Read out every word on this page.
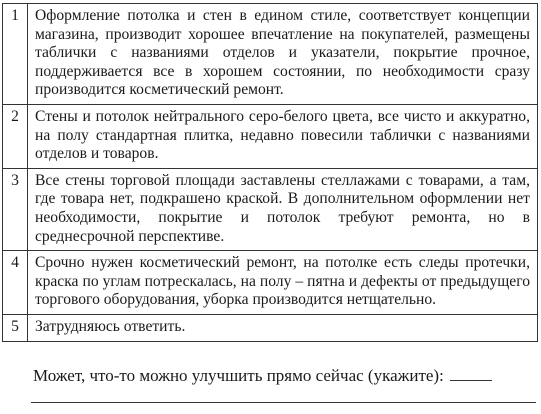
1	Оформление потолка и стен в едином стиле, соответствует концепции магазина, производит хорошее впечатление на покупателей, размещены таблички с названиями отделов и указатели, покрытие прочное, поддерживается все в хорошем состоянии, по необходимости сразу производится косметический ремонт.
2	Стены и потолок нейтрального серо-белого цвета, все чисто и аккуратно, на полу стандартная плитка, недавно повесили таблички с названиями отделов и товаров.
3	Все стены торговой площади заставлены стеллажами с товарами, а там, где товара нет, подкрашено краской. В дополнительном оформлении нет необходимости, покрытие и потолок требуют ремонта, но в среднесрочной перспективе.
4	Срочно нужен косметический ремонт, на потолке есть следы протечки, краска по углам потрескалась, на полу – пятна и дефекты от предыдущего торгового оборудования, уборка производится нетщательно.
5	Затрудняюсь ответить.
Может, что-то можно улучшить прямо сейчас (укажите):
